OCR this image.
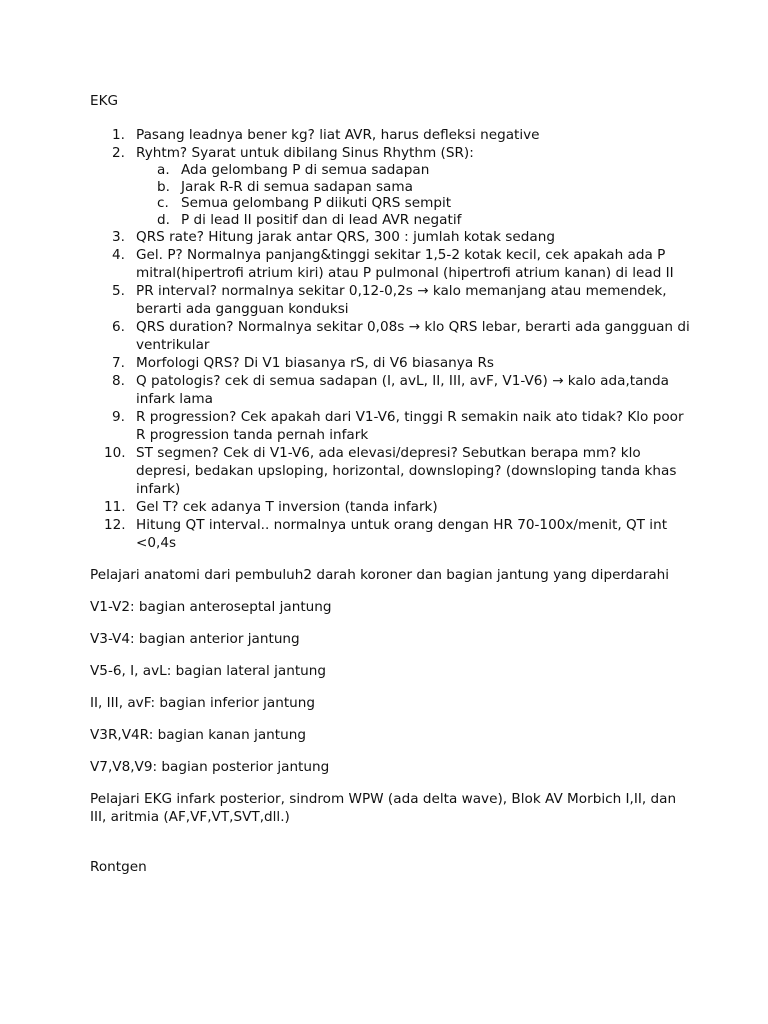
EKG
1. Pasang leadnya bener kg? liat AVR, harus defleksi negative
2. Ryhtm? Syarat untuk dibilang Sinus Rhythm (SR):
a. Ada gelombang P di semua sadapan
b. Jarak R-R di semua sadapan sama
c. Semua gelombang P diikuti QRS sempit
d. P di lead II positif dan di lead AVR negatif
3. QRS rate? Hitung jarak antar QRS, 300 : jumlah kotak sedang
4. Gel. P? Normalnya panjang&tinggi sekitar 1,5-2 kotak kecil, cek apakah ada P mitral(hipertrofi atrium kiri) atau P pulmonal (hipertrofi atrium kanan) di lead II
5. PR interval? normalnya sekitar 0,12-0,2s → kalo memanjang atau memendek, berarti ada gangguan konduksi
6. QRS duration? Normalnya sekitar 0,08s → klo QRS lebar, berarti ada gangguan di ventrikular
7. Morfologi QRS? Di V1 biasanya rS, di V6 biasanya Rs
8. Q patologis? cek di semua sadapan (I, avL, II, III, avF, V1-V6) → kalo ada,tanda infark lama
9. R progression? Cek apakah dari V1-V6, tinggi R semakin naik ato tidak? Klo poor R progression tanda pernah infark
10. ST segmen? Cek di V1-V6, ada elevasi/depresi? Sebutkan berapa mm? klo depresi, bedakan upsloping, horizontal, downsloping? (downsloping tanda khas infark)
11. Gel T? cek adanya T inversion (tanda infark)
12. Hitung QT interval.. normalnya untuk orang dengan HR 70-100x/menit, QT int <0,4s
Pelajari anatomi dari pembuluh2 darah koroner dan bagian jantung yang diperdarahi
V1-V2: bagian anteroseptal jantung
V3-V4: bagian anterior jantung
V5-6, I, avL: bagian lateral jantung
II, III, avF: bagian inferior jantung
V3R,V4R: bagian kanan jantung
V7,V8,V9: bagian posterior jantung
Pelajari EKG infark posterior, sindrom WPW (ada delta wave), Blok AV Morbich I,II, dan III, aritmia (AF,VF,VT,SVT,dll.)
Rontgen
